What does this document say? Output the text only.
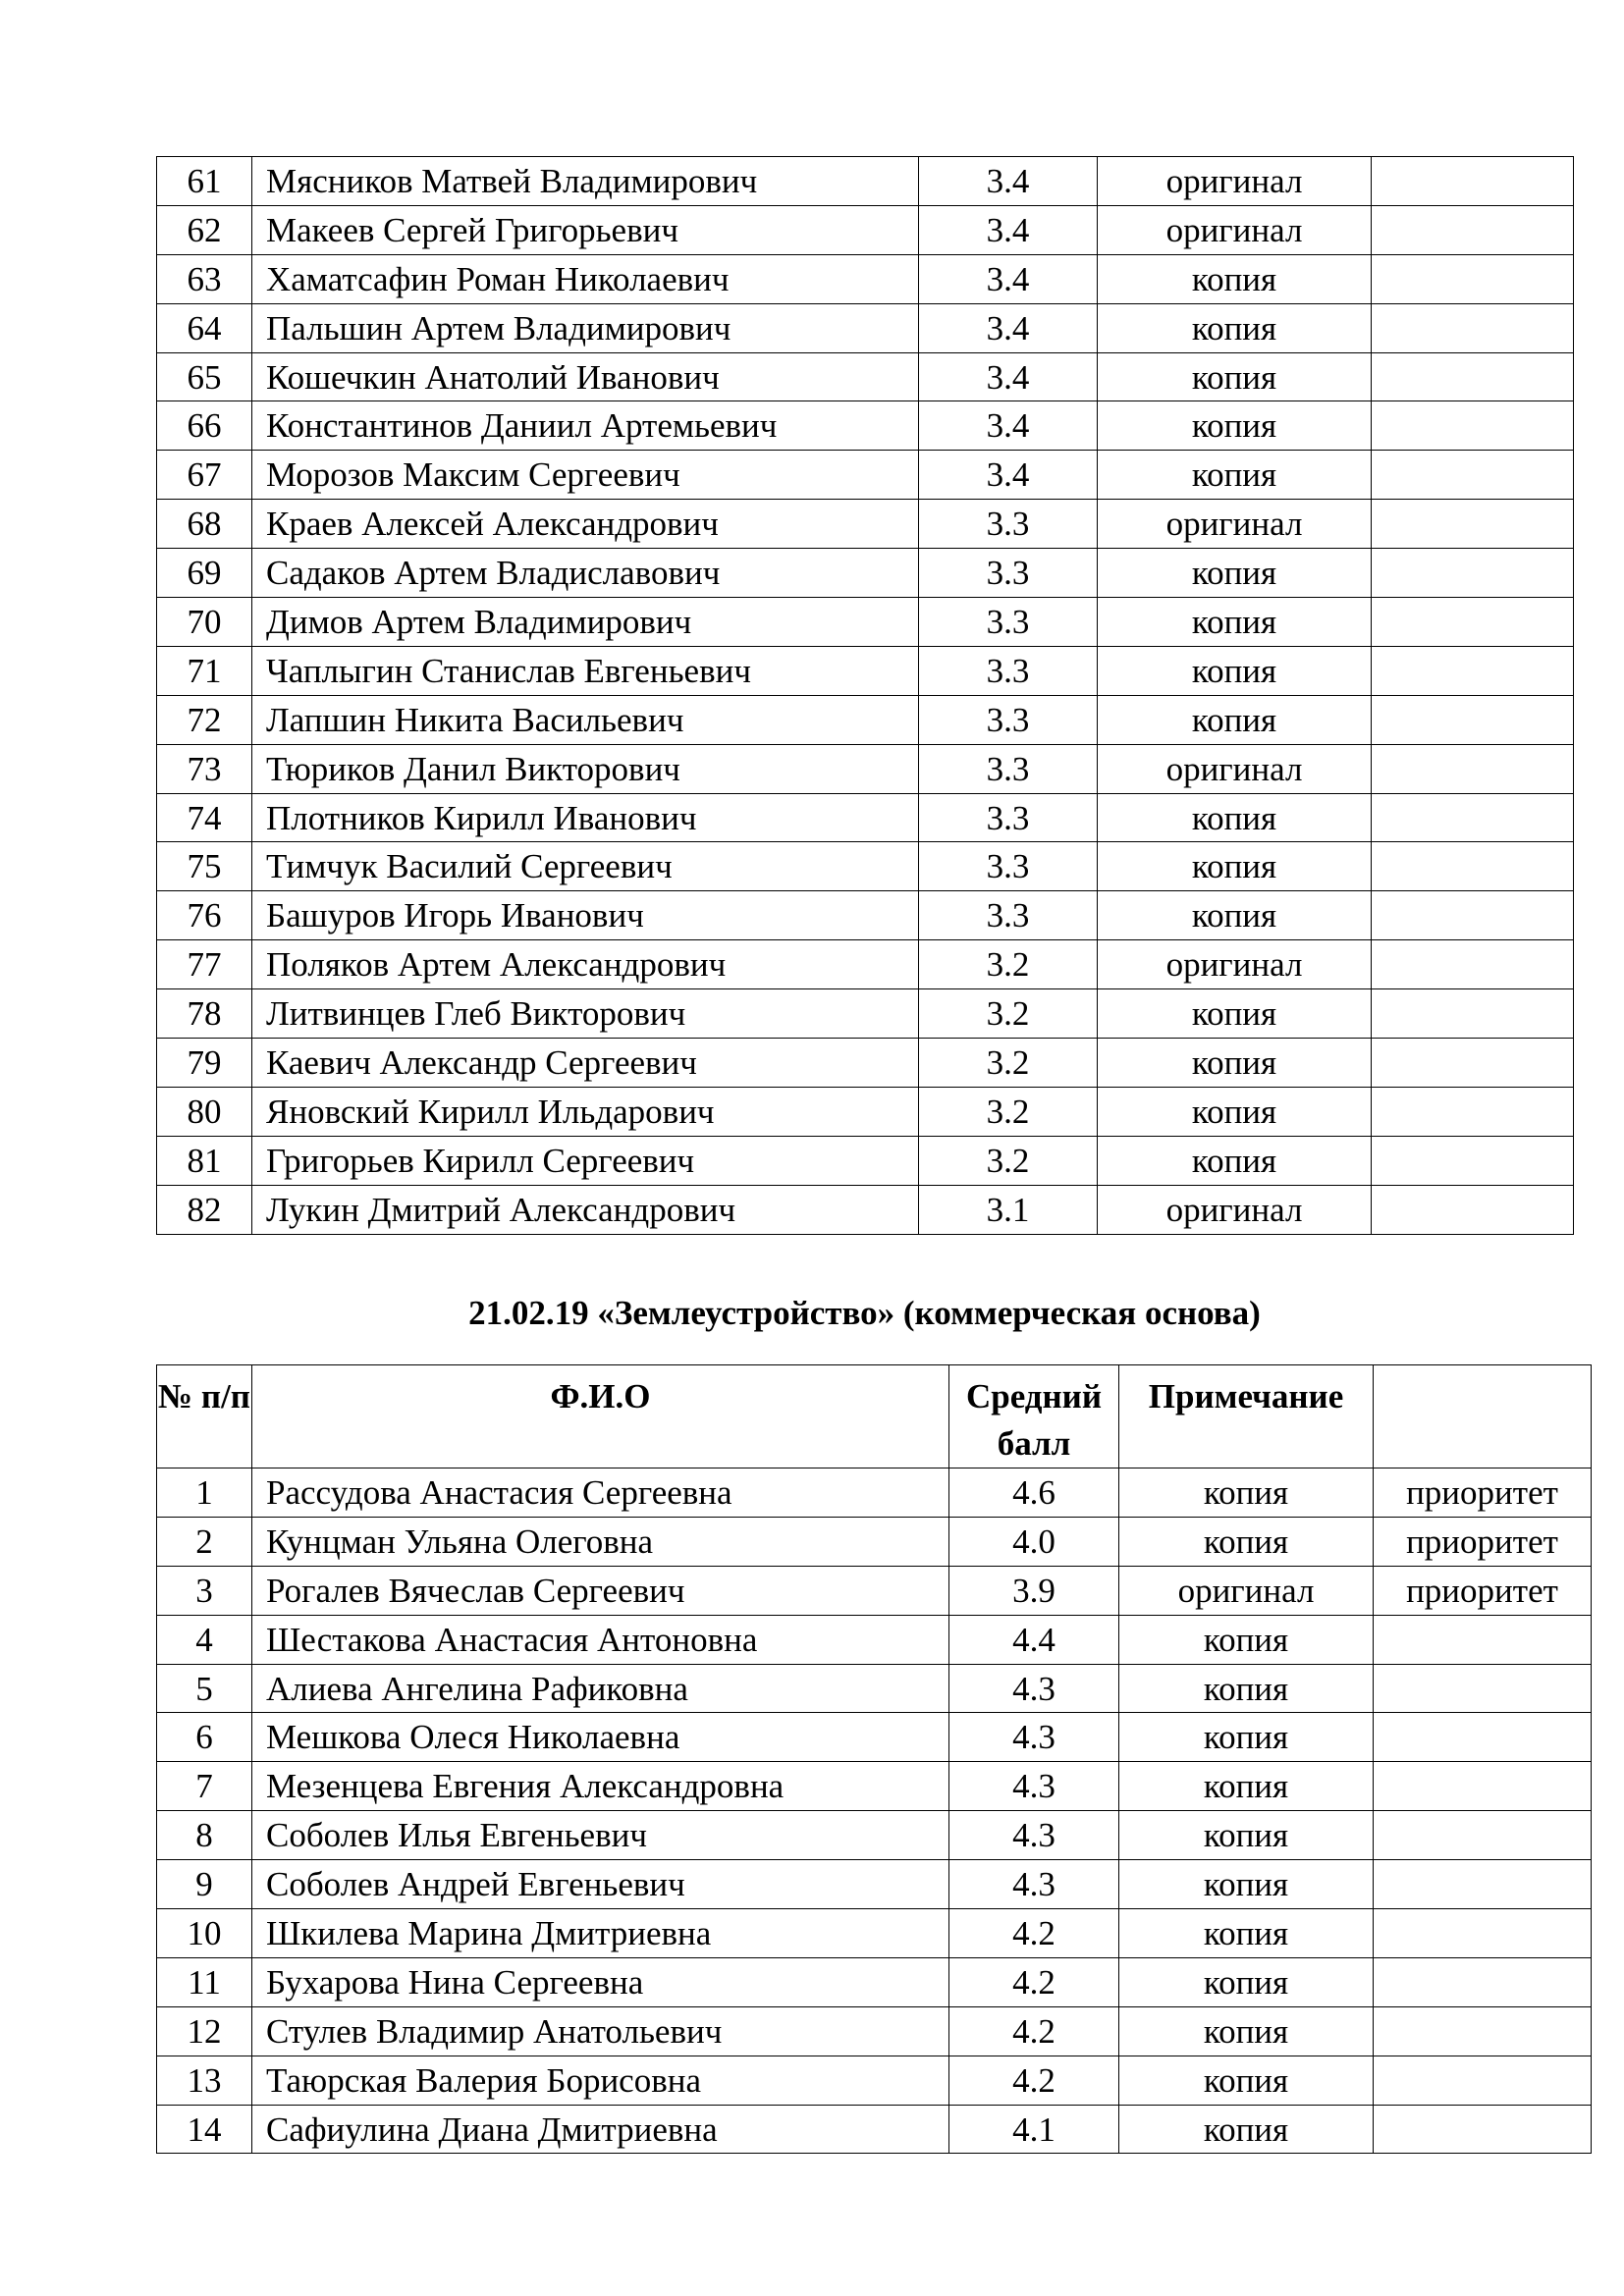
61	Мясников Матвей Владимирович	3.4	оригинал	
62	Макеев Сергей Григорьевич	3.4	оригинал	
63	Хаматсафин Роман Николаевич	3.4	копия	
64	Пальшин Артем Владимирович	3.4	копия	
65	Кошечкин Анатолий Иванович	3.4	копия	
66	Константинов Даниил Артемьевич	3.4	копия	
67	Морозов Максим Сергеевич	3.4	копия	
68	Краев Алексей Александрович	3.3	оригинал	
69	Садаков Артем Владиславович	3.3	копия	
70	Димов Артем Владимирович	3.3	копия	
71	Чаплыгин Станислав Евгеньевич	3.3	копия	
72	Лапшин Никита Васильевич	3.3	копия	
73	Тюриков Данил Викторович	3.3	оригинал	
74	Плотников Кирилл Иванович	3.3	копия	
75	Тимчук Василий Сергеевич	3.3	копия	
76	Башуров Игорь Иванович	3.3	копия	
77	Поляков Артем Александрович	3.2	оригинал	
78	Литвинцев Глеб Викторович	3.2	копия	
79	Каевич Александр Сергеевич	3.2	копия	
80	Яновский Кирилл Ильдарович	3.2	копия	
81	Григорьев Кирилл Сергеевич	3.2	копия	
82	Лукин Дмитрий Александрович	3.1	оригинал	
21.02.19 «Землеустройство» (коммерческая основа)
№ п/п	Ф.И.О	Средний балл	Примечание	
1	Рассудова Анастасия Сергеевна	4.6	копия	приоритет
2	Кунцман Ульяна Олеговна	4.0	копия	приоритет
3	Рогалев Вячеслав Сергеевич	3.9	оригинал	приоритет
4	Шестакова Анастасия Антоновна	4.4	копия	
5	Алиева Ангелина Рафиковна	4.3	копия	
6	Мешкова Олеся Николаевна	4.3	копия	
7	Мезенцева Евгения Александровна	4.3	копия	
8	Соболев Илья Евгеньевич	4.3	копия	
9	Соболев Андрей Евгеньевич	4.3	копия	
10	Шкилева Марина Дмитриевна	4.2	копия	
11	Бухарова Нина Сергеевна	4.2	копия	
12	Стулев Владимир Анатольевич	4.2	копия	
13	Таюрская Валерия Борисовна	4.2	копия	
14	Сафиулина Диана Дмитриевна	4.1	копия	
